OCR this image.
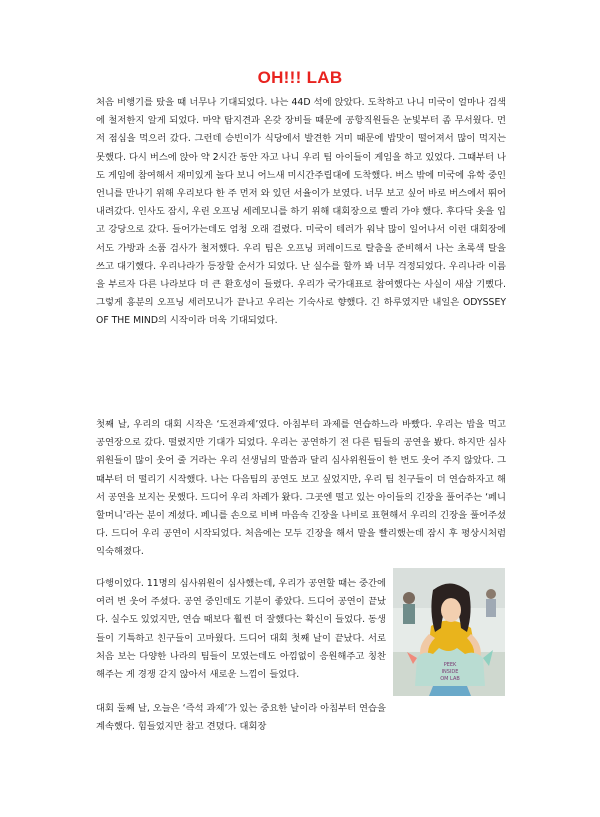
OH!!! LAB
처음 비행기를 탔을 때 너무나 기대되었다. 나는 44D 석에 앉았다. 도착하고 나니 미국이 얼마나 검색에 철저한지 알게 되었다. 마약 탐지견과 온갖 장비들 때문에 공항직원들은 눈빛부터 좀 무서웠다. 먼저 점심을 먹으러 갔다. 그런데 승빈이가 식당에서 발견한 거미 때문에 밥맛이 떨어져서 많이 먹지는 못했다. 다시 버스에 앉아 약 2시간 동안 자고 나니 우리 팀 아이들이 게임을 하고 있었다. 그때부터 나도 게임에 참여해서 재미있게 놀다 보니 어느새 미시간주립대에 도착했다. 버스 밖에 미국에 유학 중인 언니를 만나기 위해 우리보다 한 주 먼저 와 있던 서율이가 보였다. 너무 보고 싶어 바로 버스에서 뛰어 내려갔다. 인사도 잠시, 우린 오프닝 세레모니를 하기 위해 대회장으로 빨리 가야 했다. 후다닥 옷을 입고 강당으로 갔다. 들어가는데도 엄청 오래 걸렸다. 미국이 테러가 워낙 많이 일어나서 이런 대회장에서도 가방과 소품 검사가 철저했다. 우리 팀은 오프닝 퍼레이드로 탈춤을 준비해서 나는 초록색 탈을 쓰고 대기했다. 우리나라가 등장할 순서가 되었다. 난 실수를 할까 봐 너무 걱정되었다. 우리나라 이름을 부르자 다른 나라보다 더 큰 환호성이 들렸다. 우리가 국가대표로 참여했다는 사실이 새삼 기뻤다. 그렇게 흥분의 오프닝 세러모니가 끝나고 우리는 기숙사로 향했다. 긴 하루였지만 내일은 ODYSSEY OF THE MIND의 시작이라 더욱 기대되었다.
첫째 날, 우리의 대회 시작은 ‘도전과제’였다. 아침부터 과제를 연습하느라 바빴다. 우리는 밥을 먹고 공연장으로 갔다. 떨렸지만 기대가 되었다. 우리는 공연하기 전 다른 팀들의 공연을 봤다. 하지만 심사위원들이 많이 웃어 줄 거라는 우리 선생님의 말씀과 달리 심사위원들이 한 번도 웃어 주지 않았다. 그때부터 더 떨리기 시작했다. 나는 다음팀의 공연도 보고 싶었지만, 우리 팀 친구들이 더 연습하자고 해서 공연을 보지는 못했다. 드디어 우리 차례가 왔다. 그곳엔 떨고 있는 아이들의 긴장을 풀어주는 ‘페니 할머니’라는 분이 계셨다. 페니를 손으로 비벼 마음속 긴장을 나비로 표현해서 우리의 긴장을 풀어주셨다. 드디어 우리 공연이 시작되었다. 처음에는 모두 긴장을 해서 말을 빨리했는데 잠시 후 평상시처럼 익숙해졌다.
다행이었다. 11명의 심사위원이 심사했는데, 우리가 공연할 때는 중간에 여러 번 웃어 주셨다. 공연 중인데도 기분이 좋았다. 드디어 공연이 끝났다. 실수도 있었지만, 연습 때보다 훨씬 더 잘했다는 확신이 들었다. 동생들이 기특하고 친구들이 고마웠다. 드디어 대회 첫째 날이 끝났다. 서로 처음 보는 다양한 나라의 팀들이 모였는데도 아낌없이 응원해주고 칭찬해주는 게 경쟁 같지 않아서 새로운 느낌이 들었다.
대회 둘째 날, 오늘은 ‘즉석 과제’가 있는 중요한 날이라 아침부터 연습을 계속했다. 힘들었지만 참고 견뎠다. 대회장
PEEK
INSIDE
OM LAB
